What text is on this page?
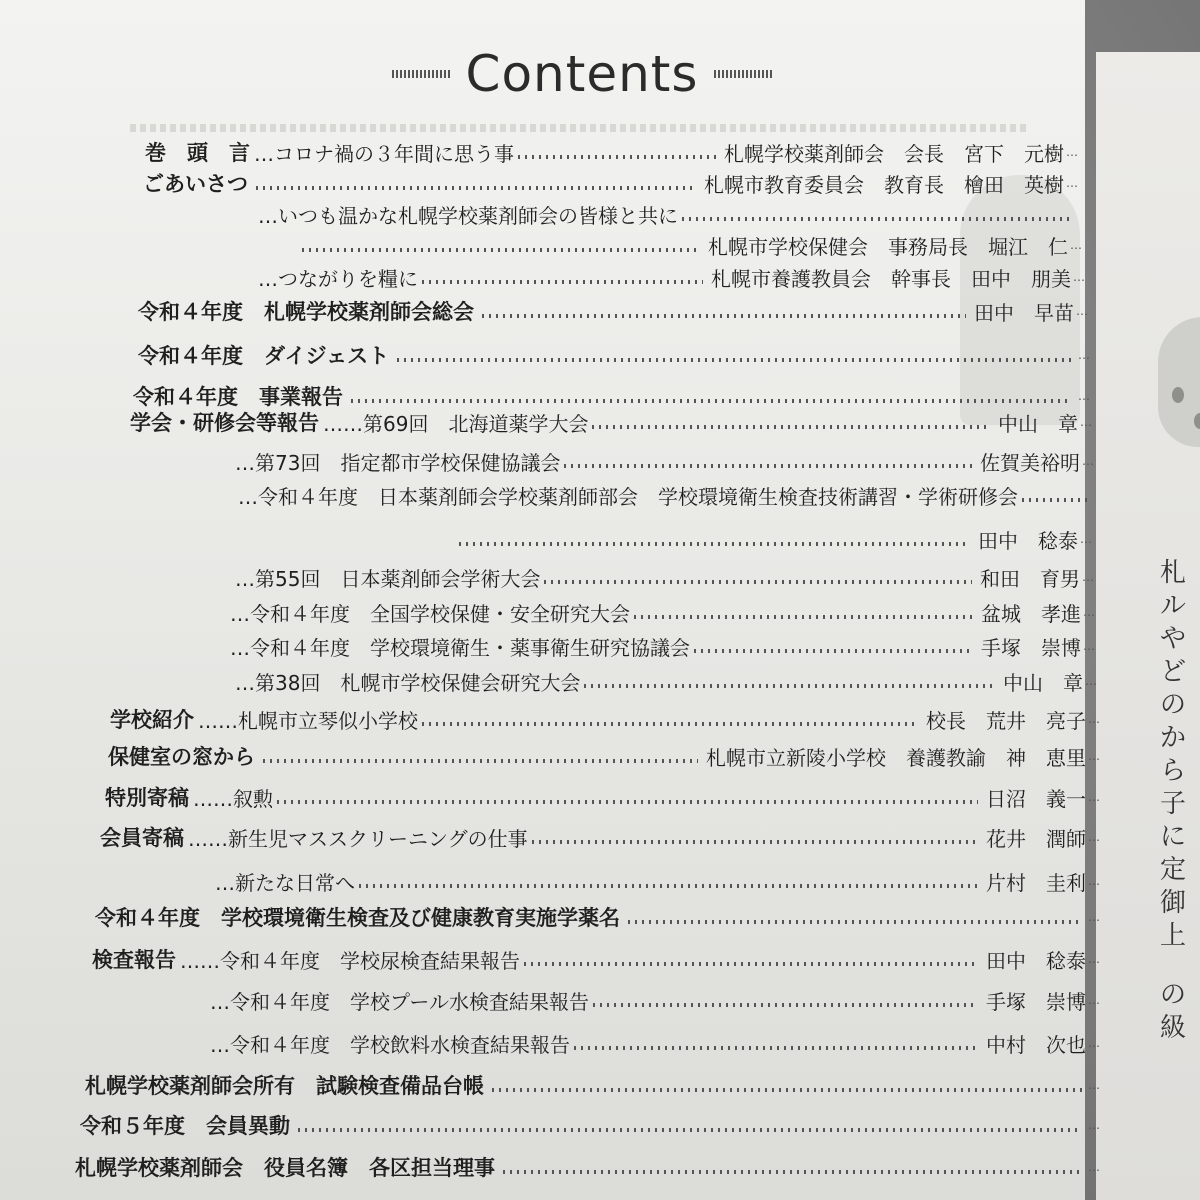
札
ルや
どの
から
子
に
定
御
上
の
級
Contents
巻　頭　言 …コロナ禍の３年間に思う事	札幌学校薬剤師会　会長　宮下　元樹 …
ごあいさつ	札幌市教育委員会　教育長　檜田　英樹 …
…いつも温かな札幌学校薬剤師会の皆様と共に
札幌市学校保健会　事務局長　堀江　仁 …
…つながりを糧に	札幌市養護教員会　幹事長　田中　朋美 …
令和４年度　札幌学校薬剤師会総会	田中　早苗 …
令和４年度　ダイジェスト	…
令和４年度　事業報告	…
学会・研修会等報告 ……第69回　北海道薬学大会	中山　章 …
…第73回　指定都市学校保健協議会	佐賀美裕明 …
…令和４年度　日本薬剤師会学校薬剤師部会　学校環境衛生検査技術講習・学術研修会
田中　稔泰 …
…第55回　日本薬剤師会学術大会	和田　育男 …
…令和４年度　全国学校保健・安全研究大会	盆城　孝進 …
…令和４年度　学校環境衛生・薬事衛生研究協議会	手塚　崇博 …
…第38回　札幌市学校保健会研究大会	中山　章 …
学校紹介 ……札幌市立琴似小学校	校長　荒井　亮子 …
保健室の窓から	札幌市立新陵小学校　養護教諭　神　恵里 …
特別寄稿 ……叙勲	日沼　義一 …
会員寄稿 ……新生児マススクリーニングの仕事	花井　潤師 …
…新たな日常へ	片村　圭利 …
令和４年度　学校環境衛生検査及び健康教育実施学薬名	…
検査報告 ……令和４年度　学校尿検査結果報告	田中　稔泰 …
…令和４年度　学校プール水検査結果報告	手塚　崇博 …
…令和４年度　学校飲料水検査結果報告	中村　次也 …
札幌学校薬剤師会所有　試験検査備品台帳	…
令和５年度　会員異動	…
札幌学校薬剤師会　役員名簿　各区担当理事	…
